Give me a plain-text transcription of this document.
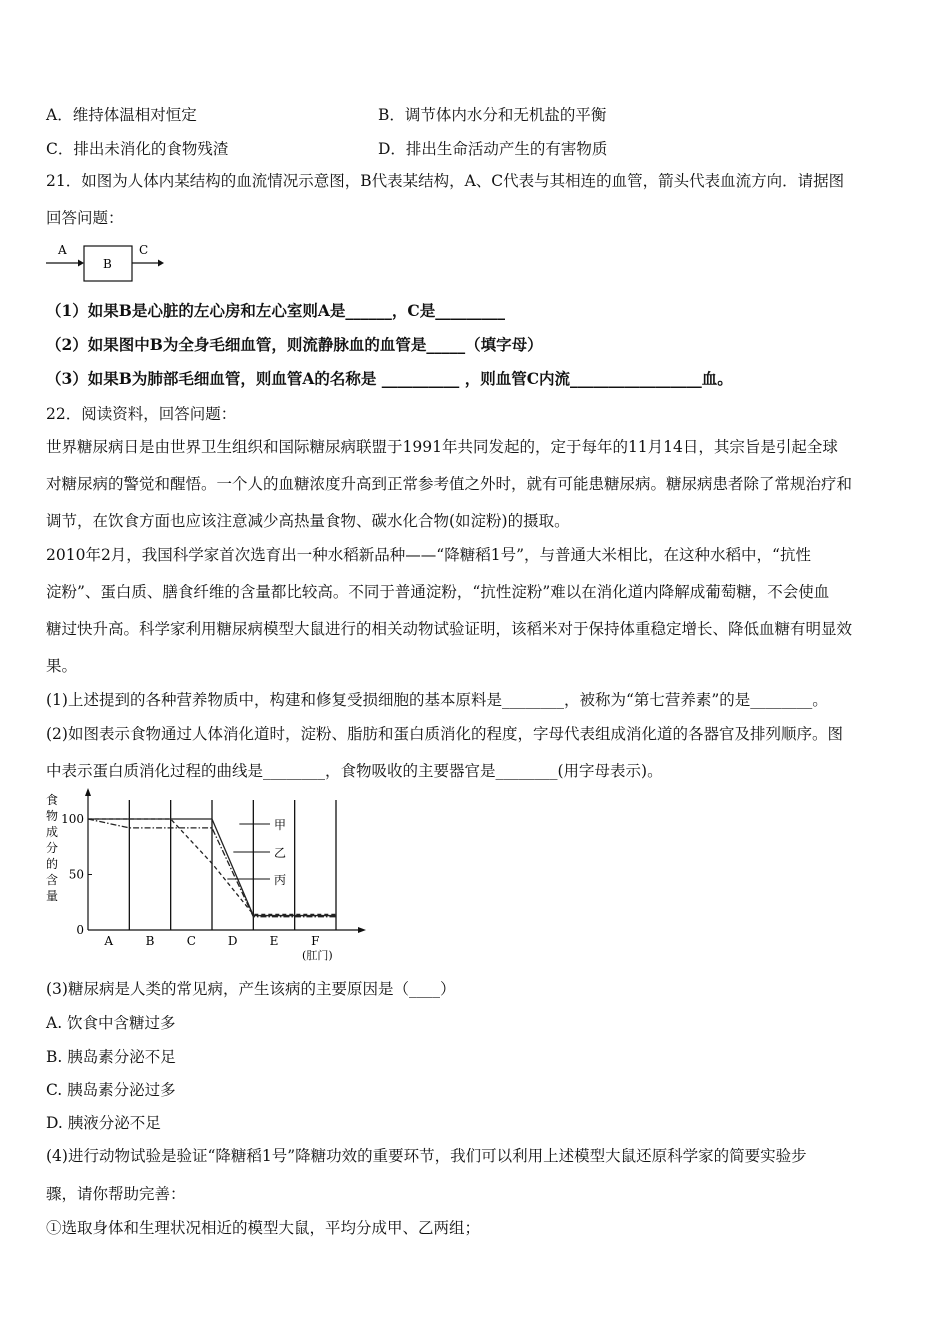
A．维持体温相对恒定	B．调节体内水分和无机盐的平衡
C．排出未消化的食物残渣	D．排出生命活动产生的有害物质
21．如图为人体内某结构的血流情况示意图，B代表某结构，A、C代表与其相连的血管，箭头代表血流方向．请据图
回答问题：
A
B
C
（1）如果B是心脏的左心房和左心室则A是______，C是_________
（2）如果图中B为全身毛细血管，则流静脉血的血管是_____（填字母）
（3）如果B为肺部毛细血管，则血管A的名称是 __________ ，则血管C内流_________________血。
22．阅读资料，回答问题：
世界糖尿病日是由世界卫生组织和国际糖尿病联盟于1991年共同发起的，定于每年的11月14日，其宗旨是引起全球
对糖尿病的警觉和醒悟。一个人的血糖浓度升高到正常参考值之外时，就有可能患糖尿病。糖尿病患者除了常规治疗和
调节，在饮食方面也应该注意减少高热量食物、碳水化合物(如淀粉)的摄取。
2010年2月，我国科学家首次选育出一种水稻新品种——“降糖稻1号”，与普通大米相比，在这种水稻中，“抗性
淀粉”、蛋白质、膳食纤维的含量都比较高。不同于普通淀粉，“抗性淀粉”难以在消化道内降解成葡萄糖，不会使血
糖过快升高。科学家利用糖尿病模型大鼠进行的相关动物试验证明，该稻米对于保持体重稳定增长、降低血糖有明显效
果。
(1)上述提到的各种营养物质中，构建和修复受损细胞的基本原料是________，被称为“第七营养素”的是________。
(2)如图表示食物通过人体消化道时，淀粉、脂肪和蛋白质消化的程度，字母代表组成消化道的各器官及排列顺序。图
中表示蛋白质消化过程的曲线是________，食物吸收的主要器官是________(用字母表示)。
食
物
成
分
的
含
量
0
50
100	甲
乙
丙
A	B	C	D	E	F
(肛门)
(3)糖尿病是人类的常见病，产生该病的主要原因是（____）
A. 饮食中含糖过多
B. 胰岛素分泌不足
C. 胰岛素分泌过多
D. 胰液分泌不足
(4)进行动物试验是验证“降糖稻1号”降糖功效的重要环节，我们可以利用上述模型大鼠还原科学家的简要实验步
骤，请你帮助完善：
①选取身体和生理状况相近的模型大鼠，平均分成甲、乙两组；
